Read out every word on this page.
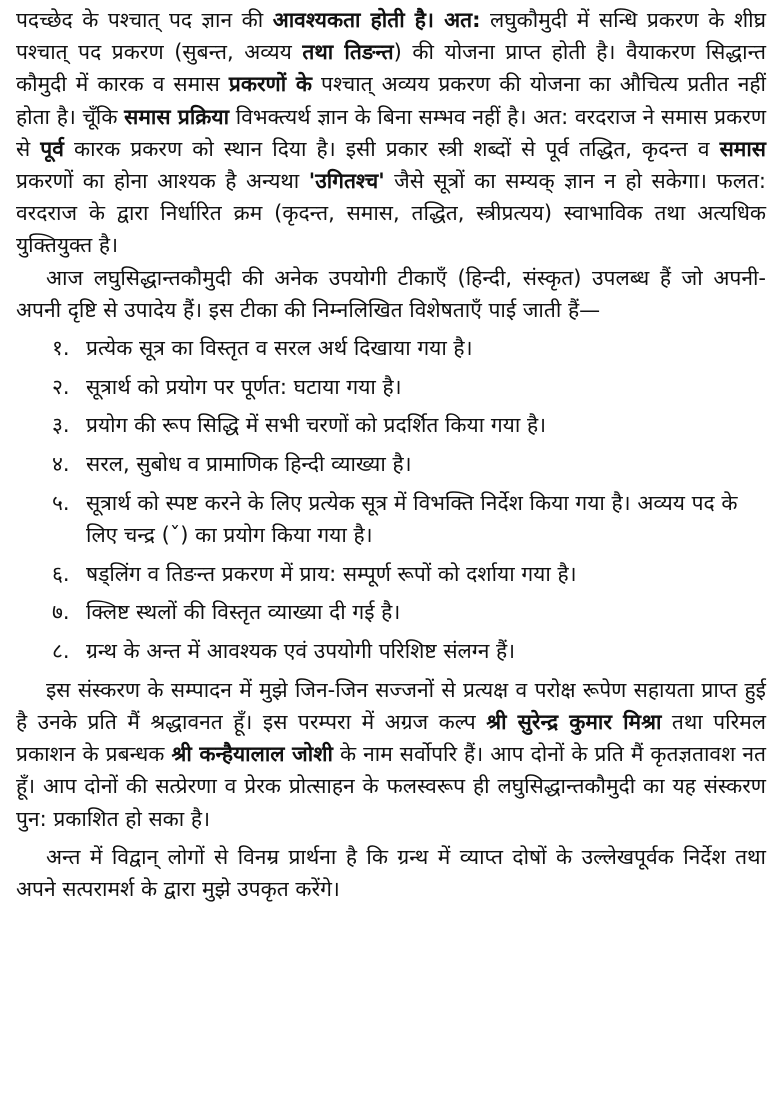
पदच्छेद के पश्चात् पद ज्ञान की आवश्यकता होती है। अत: लघुकौमुदी में सन्धि प्रकरण के शीघ्र पश्चात् पद प्रकरण (सुबन्त, अव्यय तथा तिङन्त) की योजना प्राप्त होती है। वैयाकरण सिद्धान्त कौमुदी में कारक व समास प्रकरणों के पश्चात् अव्यय प्रकरण की योजना का औचित्य प्रतीत नहीं होता है। चूँकि समास प्रक्रिया विभक्त्यर्थ ज्ञान के बिना सम्भव नहीं है। अत: वरदराज ने समास प्रकरण से पूर्व कारक प्रकरण को स्थान दिया है। इसी प्रकार स्त्री शब्दों से पूर्व तद्धित, कृदन्त व समास प्रकरणों का होना आश्यक है अन्यथा 'उगितश्च' जैसे सूत्रों का सम्यक् ज्ञान न हो सकेगा। फलत: वरदराज के द्वारा निर्धारित क्रम (कृदन्त, समास, तद्धित, स्त्रीप्रत्यय) स्वाभाविक तथा अत्यधिक युक्तियुक्त है।

आज लघुसिद्धान्तकौमुदी की अनेक उपयोगी टीकाएँ (हिन्दी, संस्कृत) उपलब्ध हैं जो अपनी-अपनी दृष्टि से उपादेय हैं। इस टीका की निम्नलिखित विशेषताएँ पाई जाती हैं—

१. प्रत्येक सूत्र का विस्तृत व सरल अर्थ दिखाया गया है।
२. सूत्रार्थ को प्रयोग पर पूर्णत: घटाया गया है।
३. प्रयोग की रूप सिद्धि में सभी चरणों को प्रदर्शित किया गया है।
४. सरल, सुबोध व प्रामाणिक हिन्दी व्याख्या है।
५. सूत्रार्थ को स्पष्ट करने के लिए प्रत्येक सूत्र में विभक्ति निर्देश किया गया है। अव्यय पद के लिए चन्द्र (ˇ) का प्रयोग किया गया है।
६. षड्लिंग व तिङन्त प्रकरण में प्राय: सम्पूर्ण रूपों को दर्शाया गया है।
७. क्लिष्ट स्थलों की विस्तृत व्याख्या दी गई है।
८. ग्रन्थ के अन्त में आवश्यक एवं उपयोगी परिशिष्ट संलग्न हैं।

इस संस्करण के सम्पादन में मुझे जिन-जिन सज्जनों से प्रत्यक्ष व परोक्ष रूपेण सहायता प्राप्त हुई है उनके प्रति मैं श्रद्धावनत हूँ। इस परम्परा में अग्रज कल्प श्री सुरेन्द्र कुमार मिश्रा तथा परिमल प्रकाशन के प्रबन्धक श्री कन्हैयालाल जोशी के नाम सर्वोपरि हैं। आप दोनों के प्रति मैं कृतज्ञतावश नत हूँ। आप दोनों की सत्प्रेरणा व प्रेरक प्रोत्साहन के फलस्वरूप ही लघुसिद्धान्तकौमुदी का यह संस्करण पुन: प्रकाशित हो सका है।

अन्त में विद्वान् लोगों से विनम्र प्रार्थना है कि ग्रन्थ में व्याप्त दोषों के उल्लेखपूर्वक निर्देश तथा अपने सत्परामर्श के द्वारा मुझे उपकृत करेंगे।
